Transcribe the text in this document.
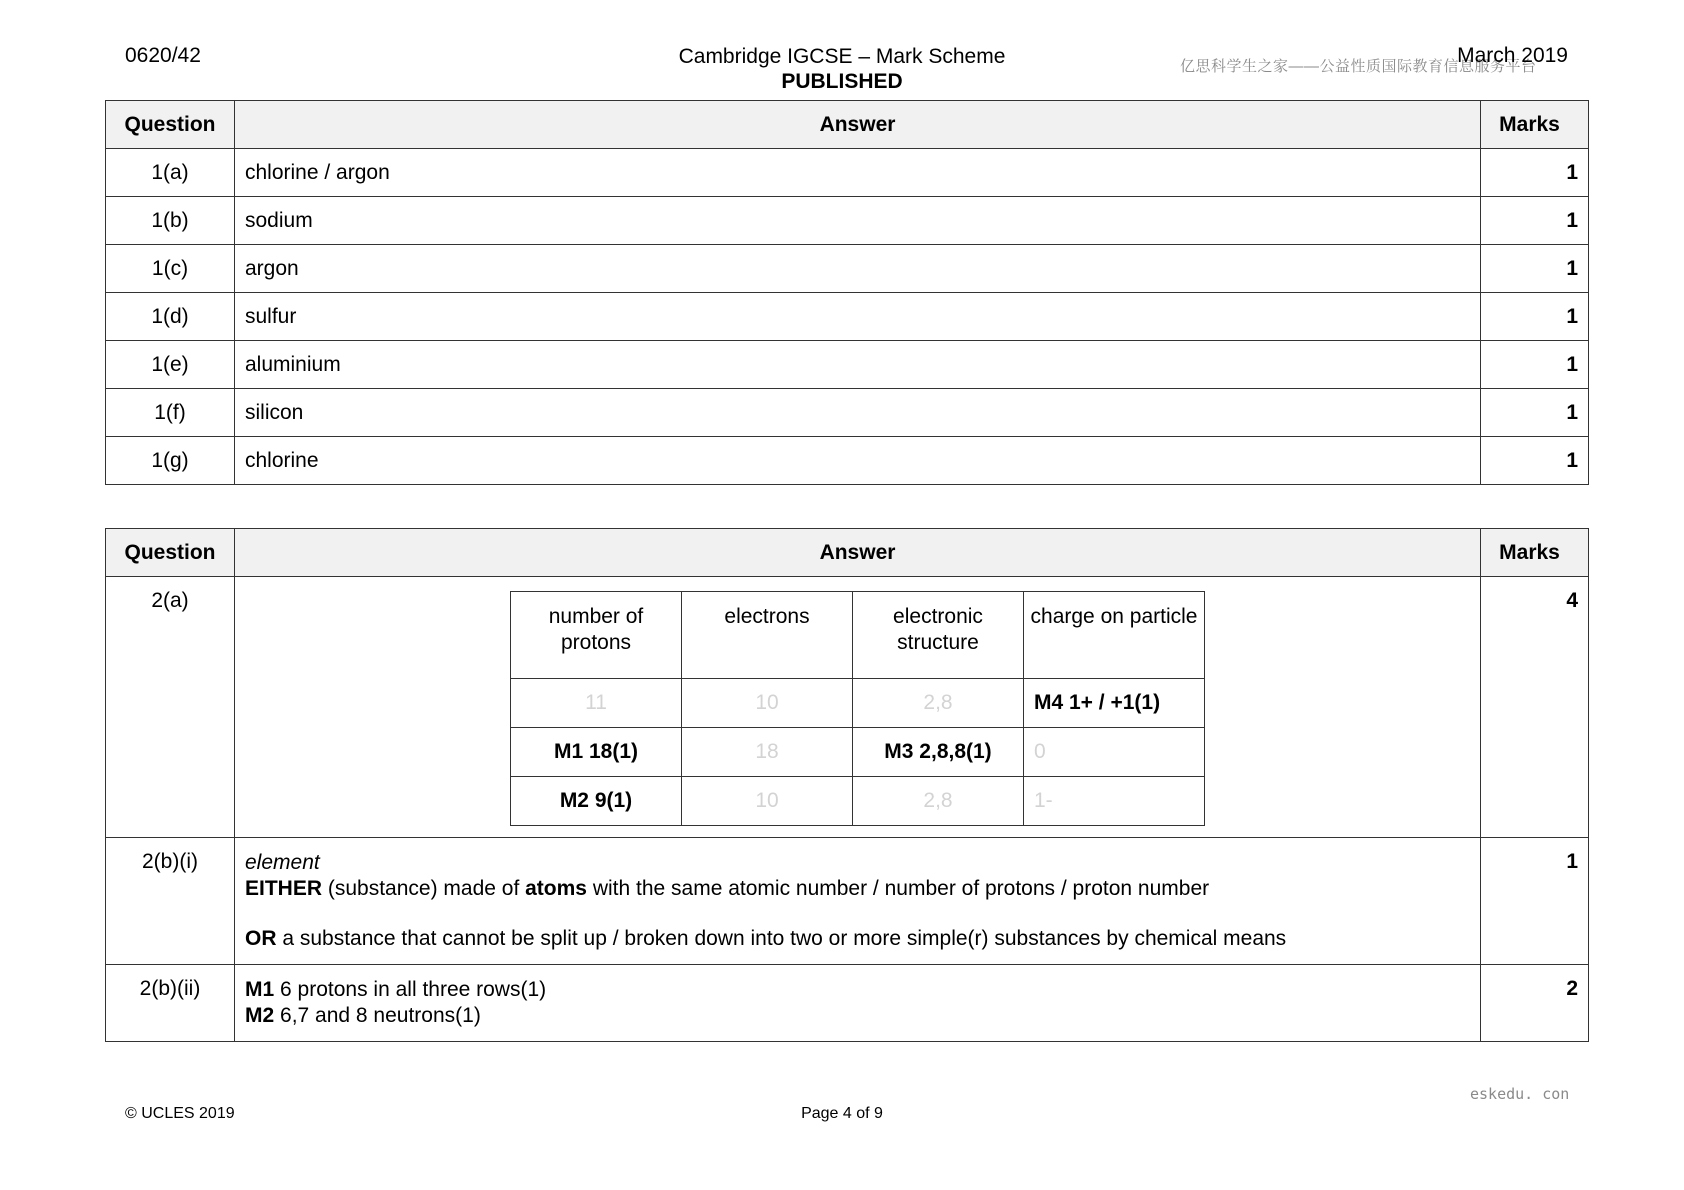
0620/42	Cambridge IGCSE – Mark Scheme
PUBLISHED
亿思科学生之家——公益性质国际教育信息服务平台
March 2019
Question	Answer	Marks
1(a)	chlorine / argon	1
1(b)	sodium	1
1(c)	argon	1
1(d)	sulfur	1
1(e)	aluminium	1
1(f)	silicon	1
1(g)	chlorine	1
Question	Answer	Marks
2(a)	
number of protons	electrons	electronic structure	charge on particle
11	10	2,8	M4 1+ / +1(1)
M1 18(1)	18	M3 2,8,8(1)	0
M2 9(1)	10	2,8	1-
	4
2(b)(i)	element
EITHER (substance) made of atoms with the same atomic number / number of protons / proton number
OR a substance that cannot be split up / broken down into two or more simple(r) substances by chemical means
	1
2(b)(ii)	M1 6 protons in all three rows(1)
M2 6,7 and 8 neutrons(1)
	2
eskedu. con
© UCLES 2019	Page 4 of 9
